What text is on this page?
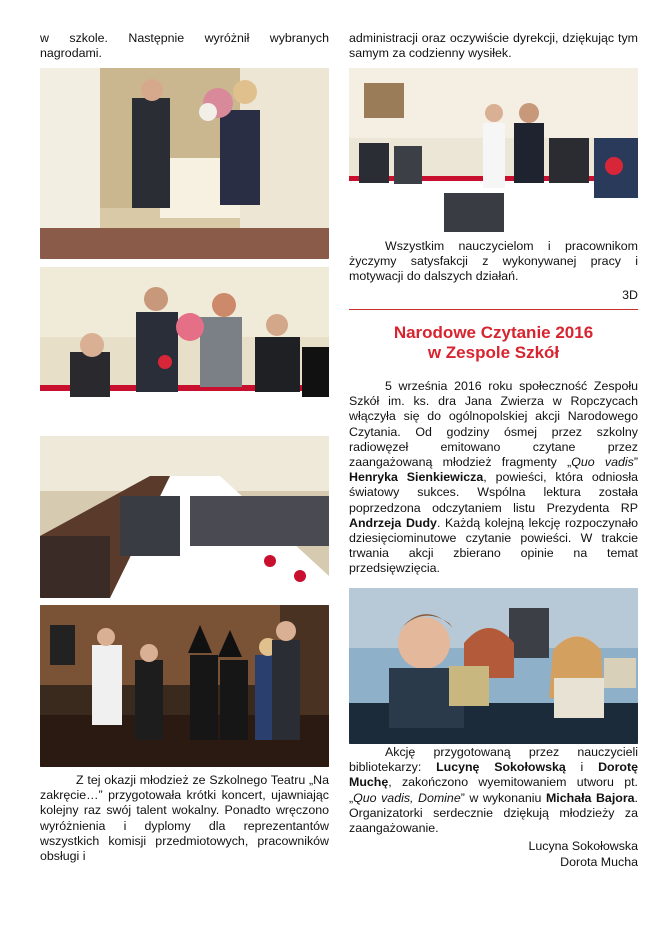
w szkole. Następnie wyróżnił wybranych

nagrodami.

Z tej okazji młodzież ze Szkolnego Teatru „Na zakręcie…” przygotowała krótki koncert, ujawniając kolejny raz swój talent wokalny. Ponadto wręczono wyróżnienia i dyplomy dla reprezentantów wszystkich komisji przedmiotowych, pracowników obsługi i

administracji oraz oczywiście dyrekcji, dziękując tym samym za codzienny wysiłek.

Wszystkim nauczycielom i pracownikom życzymy satysfakcji z wykonywanej pracy i motywacji do dalszych działań.

3D

Narodowe Czytanie 2016

w Zespole Szkół

5 września 2016 roku społeczność Zespołu Szkół im. ks. dra Jana Zwierza w Ropczycach włączyła się do ogólnopolskiej akcji Narodowego Czytania. Od godziny ósmej przez szkolny radiowęzeł emitowano czytane przez zaangażowaną młodzież fragmenty „Quo vadis” Henryka Sienkiewicza, powieści, która odniosła światowy sukces. Wspólna lektura została poprzedzona odczytaniem listu Prezydenta RP Andrzeja Dudy. Każdą kolejną lekcję rozpoczynało dziesięciominutowe czytanie powieści. W trakcie trwania akcji zbierano opinie na temat przedsięwzięcia.

Akcję przygotowaną przez nauczycieli bibliotekarzy: Lucynę Sokołowską i Dorotę Muchę, zakończono wyemitowaniem utworu pt. „Quo vadis, Domine” w wykonaniu Michała Bajora. Organizatorki serdecznie dziękują młodzieży za zaangażowanie.

Lucyna Sokołowska

Dorota Mucha
